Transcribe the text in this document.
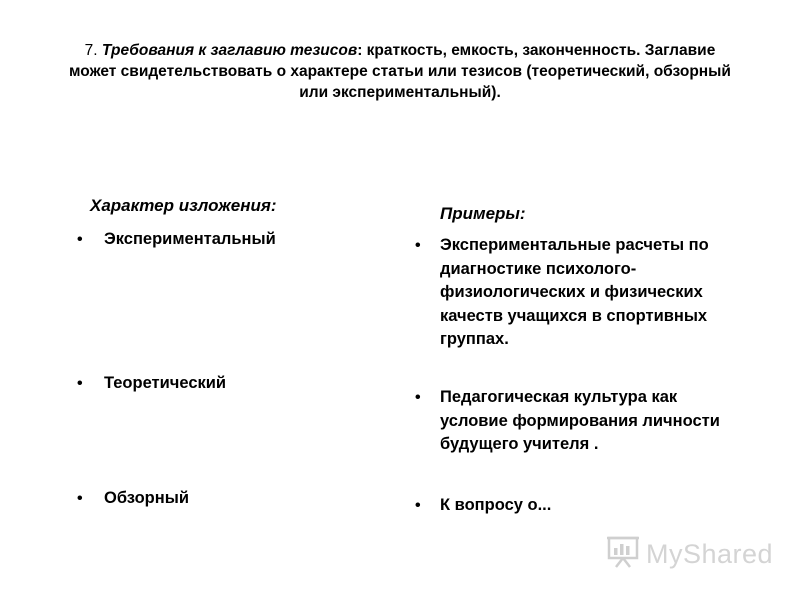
7. Требования к заглавию тезисов: краткость, емкость, законченность. Заглавие
может свидетельствовать о характере статьи или тезисов (теоретический, обзорный
или экспериментальный).
Характер изложения:	Примеры:
• Экспериментальный
• Теоретический
• Обзорный
• Экспериментальные расчеты по
диагностике психолого-
физиологических и физических
качеств учащихся в спортивных
группах.
• Педагогическая культура как
условие формирования личности
будущего учителя .
• К вопросу о...
MyShared
